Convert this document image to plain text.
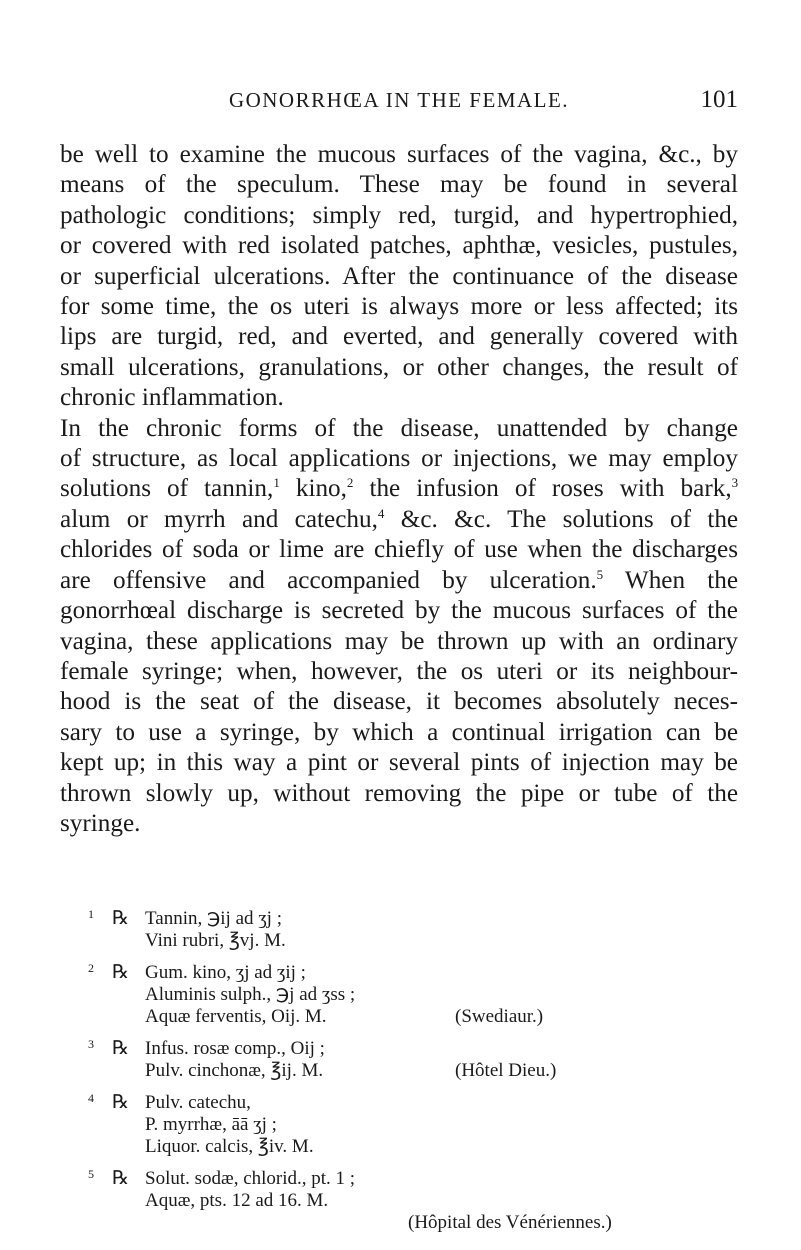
GONORRHŒA IN THE FEMALE.	101
be well to examine the mucous surfaces of the vagina, &c., by
means of the speculum. These may be found in several
pathologic conditions; simply red, turgid, and hypertrophied,
or covered with red isolated patches, aphthæ, vesicles, pustules,
or superficial ulcerations. After the continuance of the disease
for some time, the os uteri is always more or less affected; its
lips are turgid, red, and everted, and generally covered with
small ulcerations, granulations, or other changes, the result of
chronic inflammation.
In the chronic forms of the disease, unattended by change
of structure, as local applications or injections, we may employ
solutions of tannin,$^1$ kino,$^2$ the infusion of roses with bark,$^3$
alum or myrrh and catechu,$^4$ &c. &c. The solutions of the
chlorides of soda or lime are chiefly of use when the discharges
are offensive and accompanied by ulceration.$^5$ When the
gonorrhœal discharge is secreted by the mucous surfaces of the
vagina, these applications may be thrown up with an ordinary
female syringe; when, however, the os uteri or its neighbour-
hood is the seat of the disease, it becomes absolutely neces-
sary to use a syringe, by which a continual irrigation can be
kept up; in this way a pint or several pints of injection may be
thrown slowly up, without removing the pipe or tube of the
syringe.
1 ℞ Tannin, ℈ij ad ʒj ;
Vini rubri, ℥vj. M.
2 ℞ Gum. kino, ʒj ad ʒij ;
Aluminis sulph., ℈j ad ʒss ;
Aquæ ferventis, Oij. M.	(Swediaur.)
3 ℞ Infus. rosæ comp., Oij ;
Pulv. cinchonæ, ℥ij. M.	(Hôtel Dieu.)
4 ℞ Pulv. catechu,
P. myrrhæ, āā ʒj ;
Liquor. calcis, ℥iv. M.
5 ℞ Solut. sodæ, chlorid., pt. 1 ;
Aquæ, pts. 12 ad 16. M.
(Hôpital des Vénériennes.)
